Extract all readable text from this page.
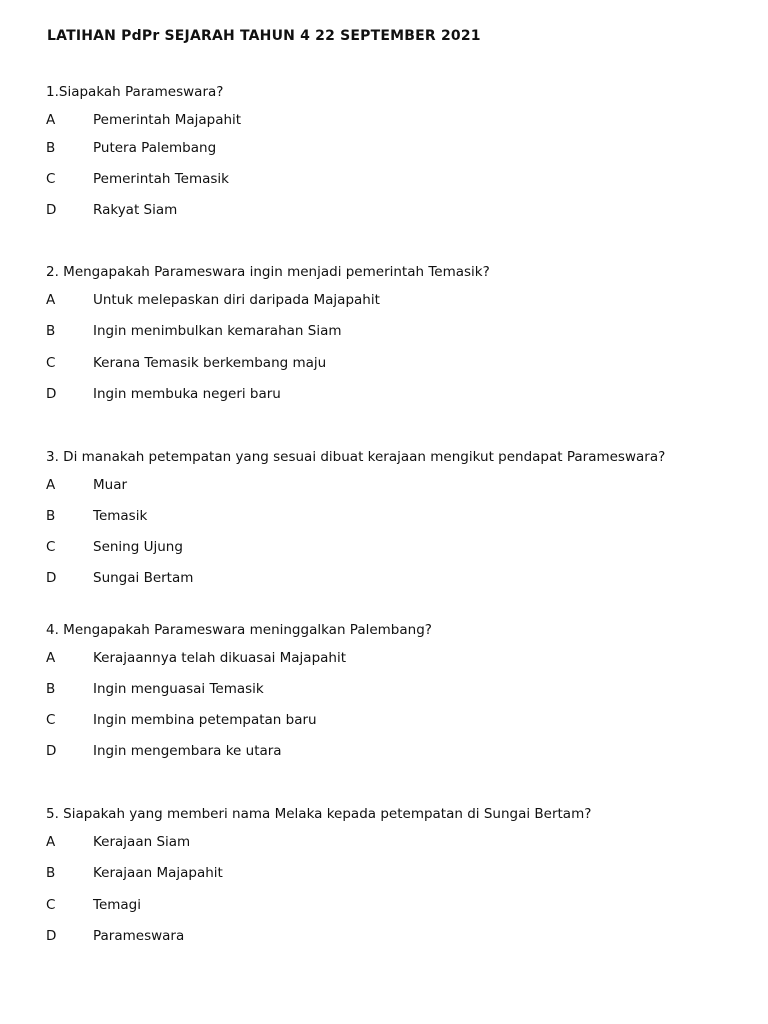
LATIHAN PdPr SEJARAH TAHUN 4 22 SEPTEMBER 2021
1.Siapakah Parameswara?
A	Pemerintah Majapahit
B	Putera Palembang
C	Pemerintah Temasik
D	Rakyat Siam
2. Mengapakah Parameswara ingin menjadi pemerintah Temasik?
A	Untuk melepaskan diri daripada Majapahit
B	Ingin menimbulkan kemarahan Siam
C	Kerana Temasik berkembang maju
D	Ingin membuka negeri baru
3. Di manakah petempatan yang sesuai dibuat kerajaan mengikut pendapat Parameswara?
A	Muar
B	Temasik
C	Sening Ujung
D	Sungai Bertam
4. Mengapakah Parameswara meninggalkan Palembang?
A	Kerajaannya telah dikuasai Majapahit
B	Ingin menguasai Temasik
C	Ingin membina petempatan baru
D	Ingin mengembara ke utara
5. Siapakah yang memberi nama Melaka kepada petempatan di Sungai Bertam?
A	Kerajaan Siam
B	Kerajaan Majapahit
C	Temagi
D	Parameswara
